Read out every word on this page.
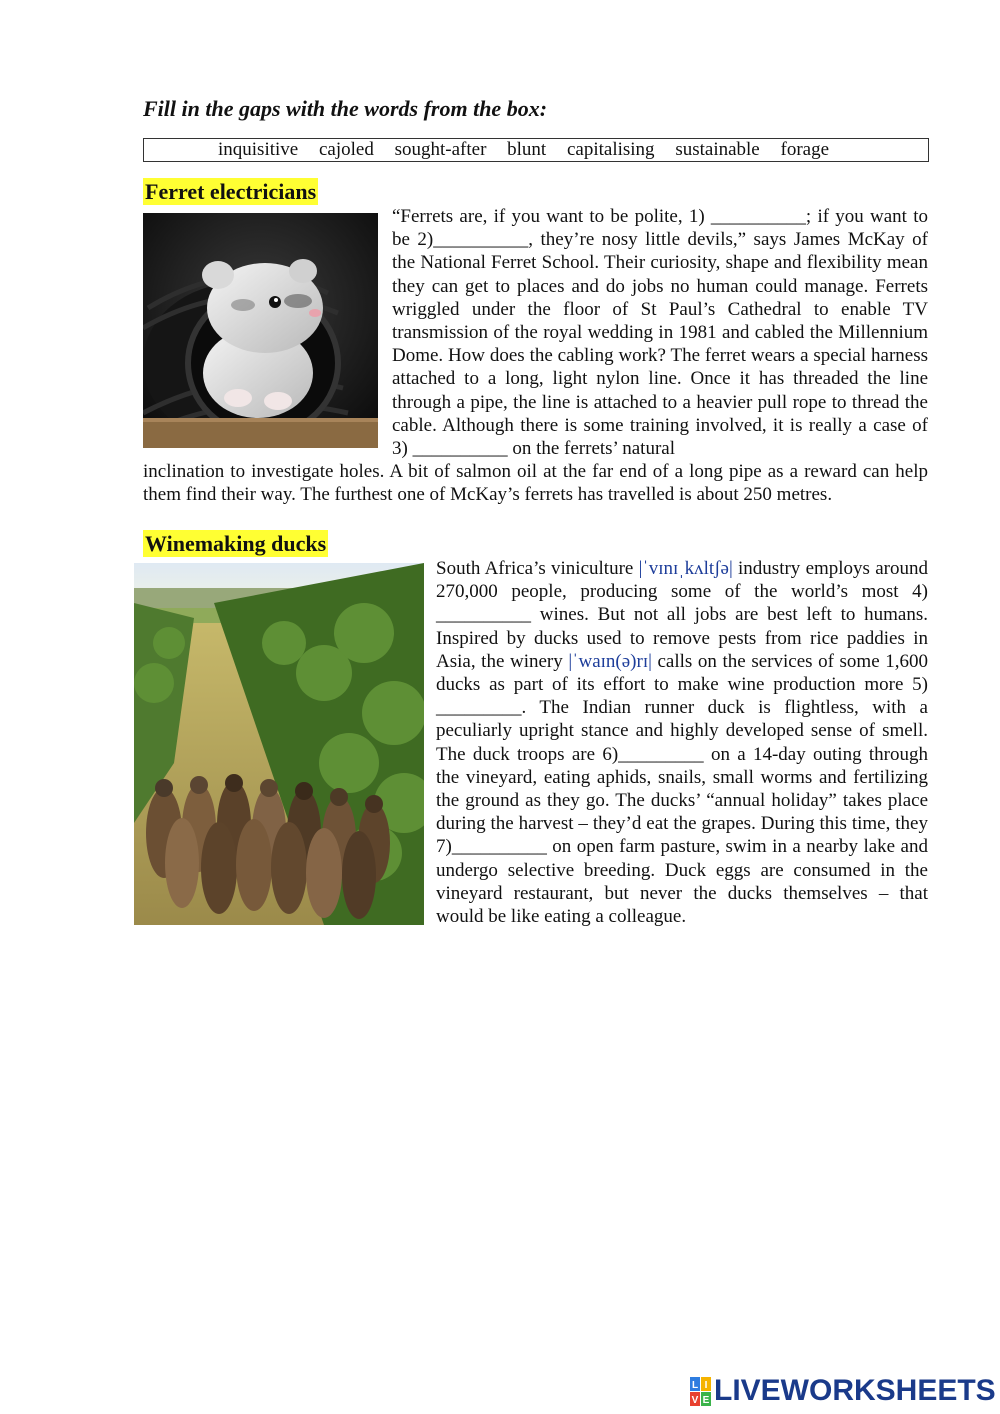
Fill in the gaps with the words from the box:
inquisitive cajoled sought-after blunt capitalising sustainable forage
Ferret electricians

“Ferrets are, if you want to be polite, 1) __________; if you want to be 2)__________, they’re nosy little devils,” says James McKay of the National Ferret School. Their curiosity, shape and flexibility mean they can get to places and do jobs no human could manage. Ferrets wriggled under the floor of St Paul’s Cathedral to enable TV transmission of the royal wedding in 1981 and cabled the Millennium Dome. How does the cabling work? The ferret wears a special harness attached to a long, light nylon line. Once it has threaded the line through a pipe, the line is attached to a heavier pull rope to thread the cable. Although there is some training involved, it is really a case of 3) __________ on the ferrets’ natural

inclination to investigate holes. A bit of salmon oil at the far end of a long pipe as a reward can help them find their way. The furthest one of McKay’s ferrets has travelled is about 250 metres.

Winemaking ducks

South Africa’s viniculture |ˈvɪnɪˌkʌltʃə| industry employs around 270,000 people, producing some of the world’s most 4) __________ wines. But not all jobs are best left to humans. Inspired by ducks used to remove pests from rice paddies in Asia, the winery |ˈwaɪn(ə)rɪ| calls on the services of some 1,600 ducks as part of its effort to make wine production more 5) _________. The Indian runner duck is flightless, with a peculiarly upright stance and highly developed sense of smell. The duck troops are 6)_________ on a 14-day outing through the vineyard, eating aphids, snails, small worms and fertilizing the ground as they go. The ducks’ “annual holiday” takes place during the harvest – they’d eat the grapes. During this time, they 7)__________ on open farm pasture, swim in a nearby lake and undergo selective breeding. Duck eggs are consumed in the vineyard restaurant, but never the ducks themselves – that would be like eating a colleague.

L I
V E LIVEWORKSHEETS
